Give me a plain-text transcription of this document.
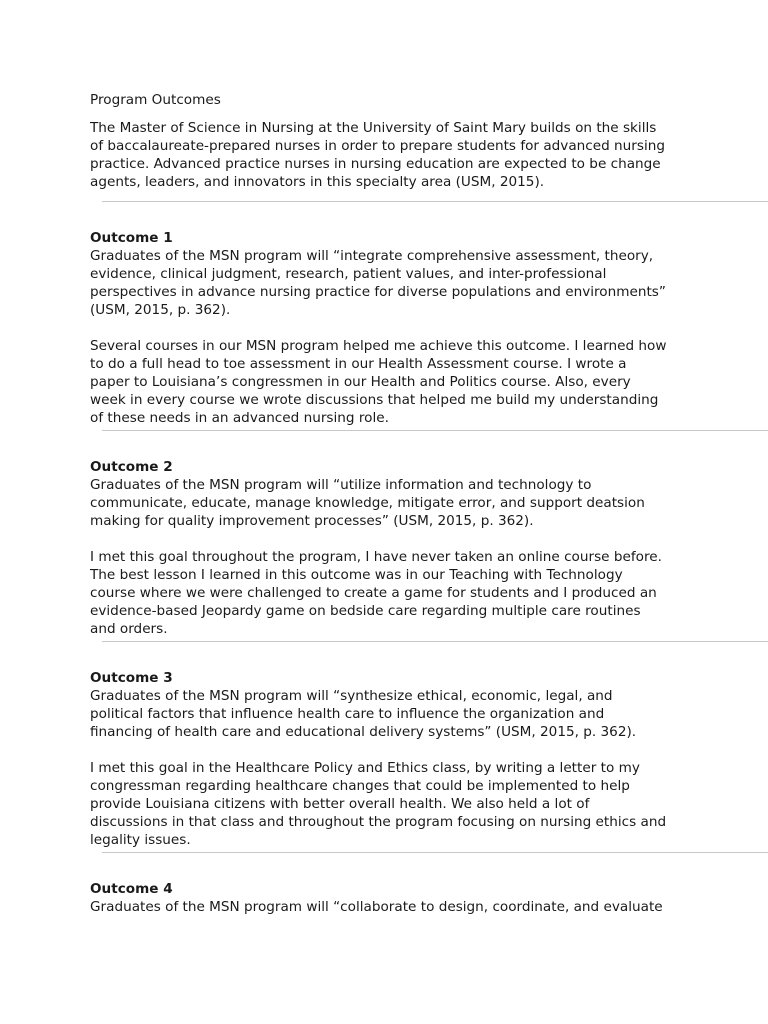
Program Outcomes

The Master of Science in Nursing at the University of Saint Mary builds on the skills
of baccalaureate-prepared nurses in order to prepare students for advanced nursing
practice. Advanced practice nurses in nursing education are expected to be change
agents, leaders, and innovators in this specialty area (USM, 2015).

Outcome 1

Graduates of the MSN program will “integrate comprehensive assessment, theory,
evidence, clinical judgment, research, patient values, and inter-professional
perspectives in advance nursing practice for diverse populations and environments”
(USM, 2015, p. 362).

Several courses in our MSN program helped me achieve this outcome. I learned how
to do a full head to toe assessment in our Health Assessment course. I wrote a
paper to Louisiana’s congressmen in our Health and Politics course. Also, every
week in every course we wrote discussions that helped me build my understanding
of these needs in an advanced nursing role.

Outcome 2

Graduates of the MSN program will “utilize information and technology to
communicate, educate, manage knowledge, mitigate error, and support deatsion
making for quality improvement processes” (USM, 2015, p. 362).

I met this goal throughout the program, I have never taken an online course before.
The best lesson I learned in this outcome was in our Teaching with Technology
course where we were challenged to create a game for students and I produced an
evidence-based Jeopardy game on bedside care regarding multiple care routines
and orders.

Outcome 3

Graduates of the MSN program will “synthesize ethical, economic, legal, and
political factors that influence health care to influence the organization and
financing of health care and educational delivery systems” (USM, 2015, p. 362).

I met this goal in the Healthcare Policy and Ethics class, by writing a letter to my
congressman regarding healthcare changes that could be implemented to help
provide Louisiana citizens with better overall health. We also held a lot of
discussions in that class and throughout the program focusing on nursing ethics and
legality issues.

Outcome 4

Graduates of the MSN program will “collaborate to design, coordinate, and evaluate
